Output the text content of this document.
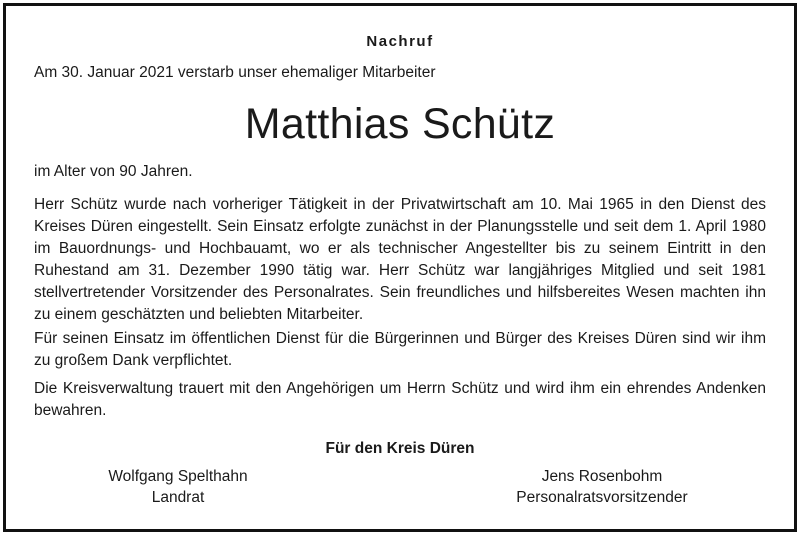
Nachruf
Am 30. Januar 2021 verstarb unser ehemaliger Mitarbeiter
Matthias Schütz
im Alter von 90 Jahren.

Herr Schütz wurde nach vorheriger Tätigkeit in der Privatwirtschaft am 10. Mai 1965 in den Dienst des Kreises Düren eingestellt. Sein Einsatz erfolgte zunächst in der Planungsstelle und seit dem 1. April 1980 im Bauordnungs- und Hochbauamt, wo er als technischer Angestellter bis zu seinem Eintritt in den Ruhestand am 31. Dezember 1990 tätig war. Herr Schütz war langjähriges Mitglied und seit 1981 stellvertretender Vorsitzender des Personalrates. Sein freundliches und hilfsbereites Wesen machten ihn zu einem geschätzten und beliebten Mitarbeiter.

Für seinen Einsatz im öffentlichen Dienst für die Bürgerinnen und Bürger des Kreises Düren sind wir ihm zu großem Dank verpflichtet.

Die Kreisverwaltung trauert mit den Angehörigen um Herrn Schütz und wird ihm ein ehrendes Andenken bewahren.

Für den Kreis Düren
Wolfgang Spelthahn
Landrat
Jens Rosenbohm
Personalratsvorsitzender
